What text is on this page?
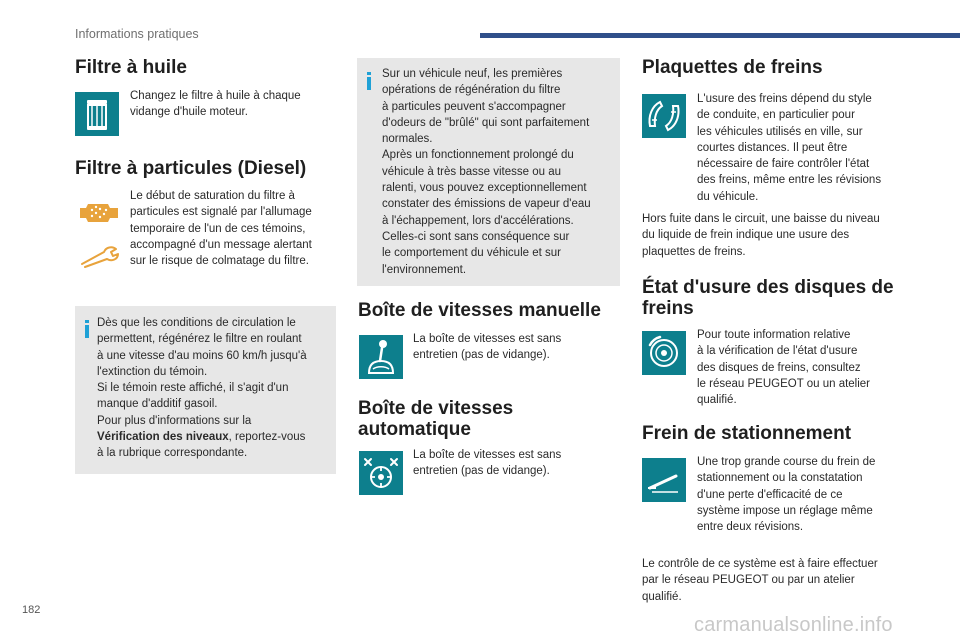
Informations pratiques
Filtre à huile
Changez le filtre à huile à chaque
vidange d'huile moteur.
Filtre à particules (Diesel)
Le début de saturation du filtre à
particules est signalé par l'allumage
temporaire de l'un de ces témoins,
accompagné d'un message alertant
sur le risque de colmatage du filtre.
Dès que les conditions de circulation le
permettent, régénérez le filtre en roulant
à une vitesse d'au moins 60 km/h jusqu'à
l'extinction du témoin.
Si le témoin reste affiché, il s'agit d'un
manque d'additif gasoil.
Pour plus d'informations sur la
Vérification des niveaux, reportez-vous
à la rubrique correspondante.
Sur un véhicule neuf, les premières
opérations de régénération du filtre
à particules peuvent s'accompagner
d'odeurs de "brûlé" qui sont parfaitement
normales.
Après un fonctionnement prolongé du
véhicule à très basse vitesse ou au
ralenti, vous pouvez exceptionnellement
constater des émissions de vapeur d'eau
à l'échappement, lors d'accélérations.
Celles-ci sont sans conséquence sur
le comportement du véhicule et sur
l'environnement.
Boîte de vitesses manuelle
La boîte de vitesses est sans
entretien (pas de vidange).
Boîte de vitesses
automatique
La boîte de vitesses est sans
entretien (pas de vidange).
Plaquettes de freins
L'usure des freins dépend du style
de conduite, en particulier pour
les véhicules utilisés en ville, sur
courtes distances. Il peut être
nécessaire de faire contrôler l'état
des freins, même entre les révisions
du véhicule.
Hors fuite dans le circuit, une baisse du niveau
du liquide de frein indique une usure des
plaquettes de freins.
État d'usure des disques de
freins
Pour toute information relative
à la vérification de l'état d'usure
des disques de freins, consultez
le réseau PEUGEOT ou un atelier
qualifié.
Frein de stationnement
Une trop grande course du frein de
stationnement ou la constatation
d'une perte d'efficacité de ce
système impose un réglage même
entre deux révisions.
Le contrôle de ce système est à faire effectuer
par le réseau PEUGEOT ou par un atelier
qualifié.
182
carmanualsonline.info
